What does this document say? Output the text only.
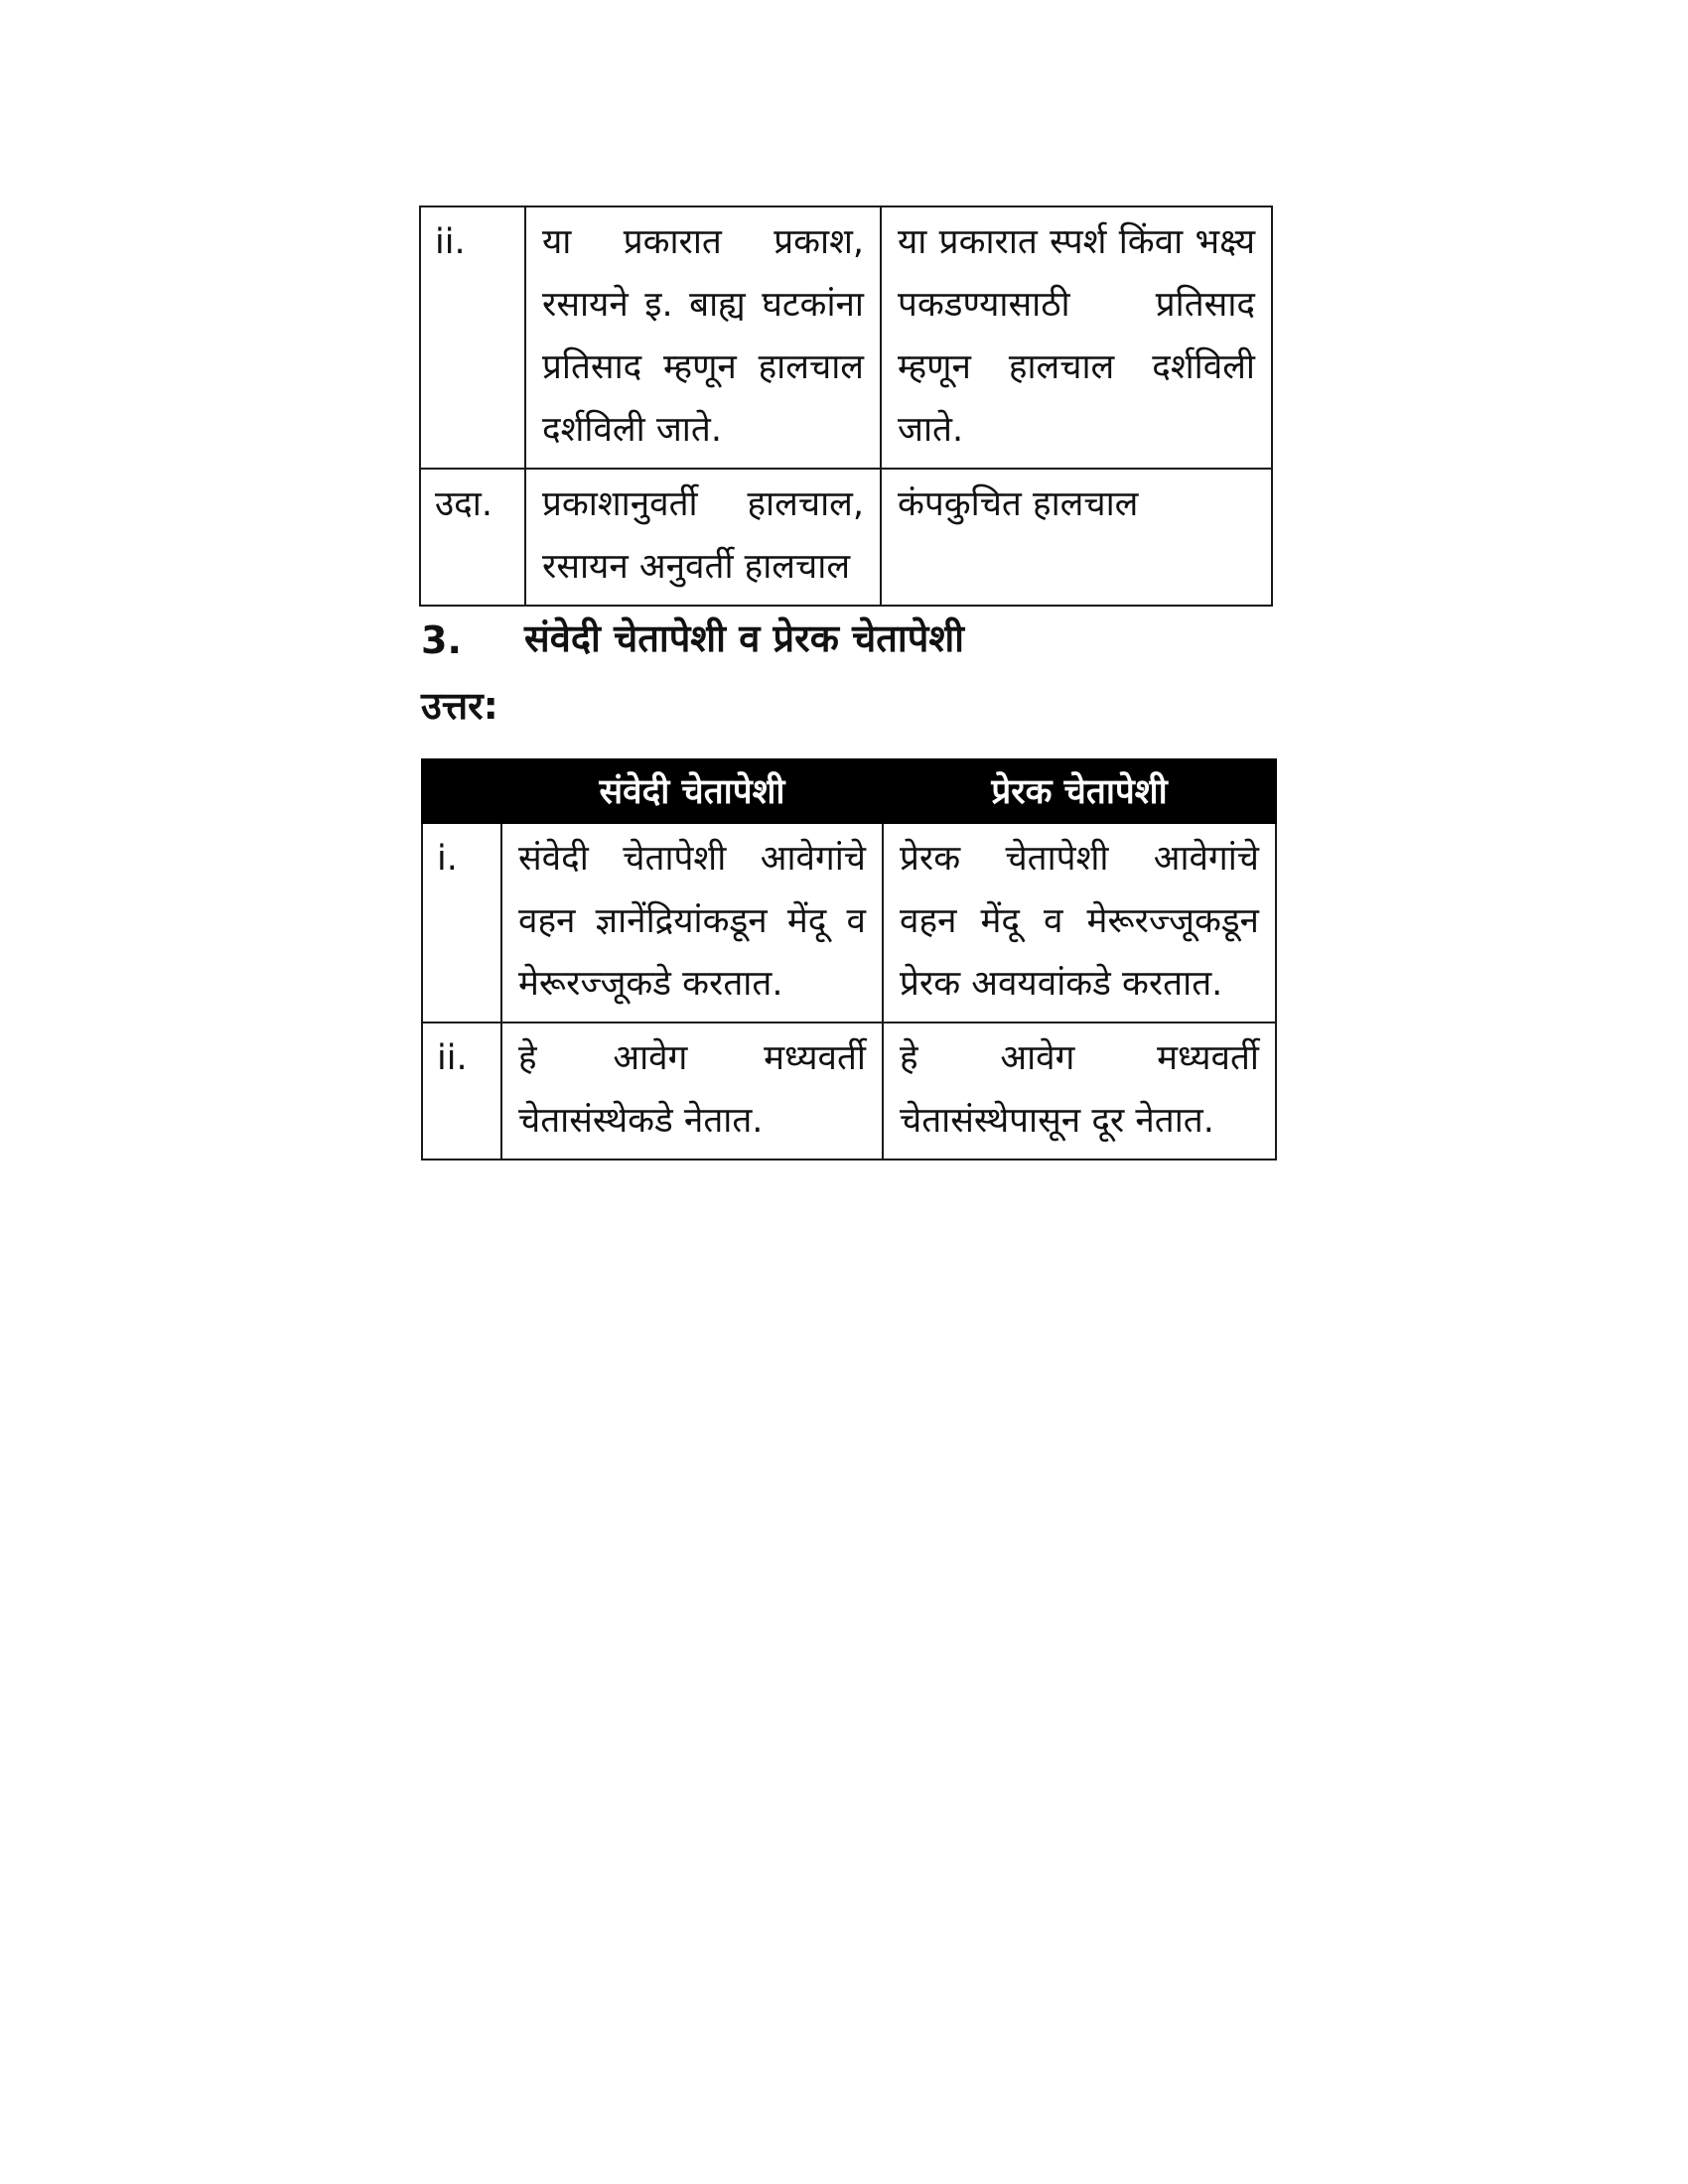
ii.	या प्रकारात प्रकाश, रसायने इ. बाह्य घटकांना प्रतिसाद म्हणून हालचाल दर्शविली जाते.	या प्रकारात स्पर्श किंवा भक्ष्य पकडण्यासाठी प्रतिसाद म्हणून हालचाल दर्शविली जाते.
उदा.	प्रकाशानुवर्ती हालचाल, रसायन अनुवर्ती हालचाल	कंपकुचित हालचाल
3. संवेदी चेतापेशी व प्रेरक चेतापेशी
उत्तर:
	संवेदी चेतापेशी	प्रेरक चेतापेशी
i.	संवेदी चेतापेशी आवेगांचे वहन ज्ञानेंद्रियांकडून मेंदू व मेरूरज्जूकडे करतात.	प्रेरक चेतापेशी आवेगांचे वहन मेंदू व मेरूरज्जूकडून प्रेरक अवयवांकडे करतात.
ii.	हे आवेग मध्यवर्ती चेतासंस्थेकडे नेतात.	हे आवेग मध्यवर्ती चेतासंस्थेपासून दूर नेतात.
